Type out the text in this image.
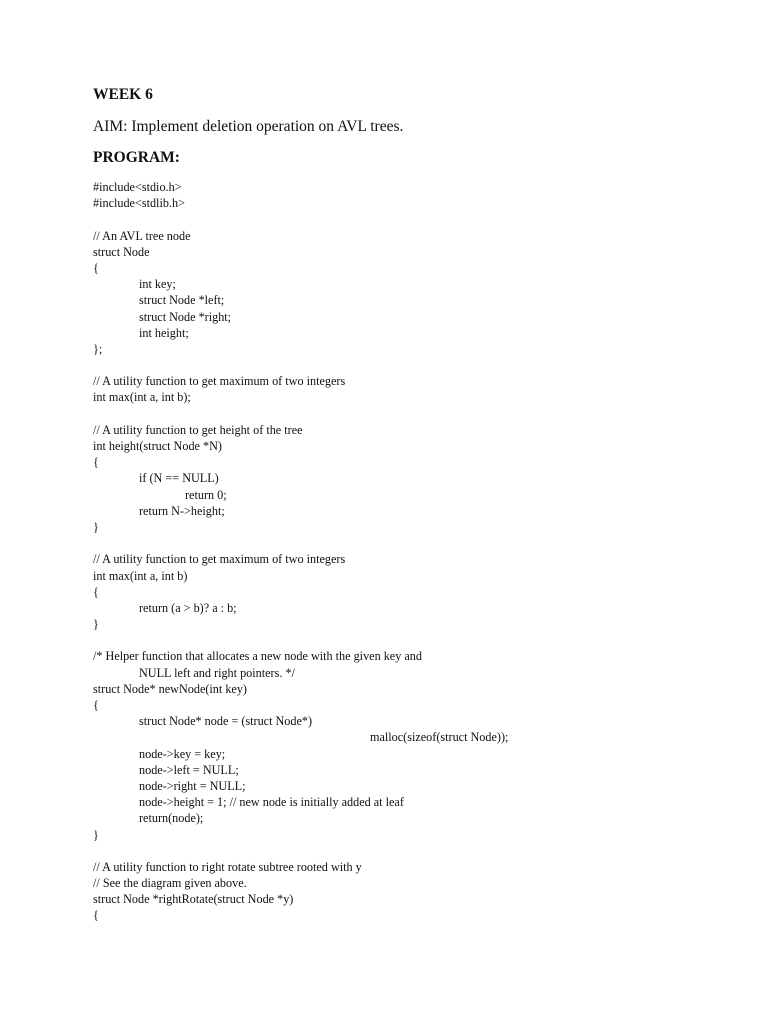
WEEK 6

AIM: Implement deletion operation on AVL trees.

PROGRAM:
#include<stdio.h>
#include<stdlib.h>
// An AVL tree node
struct Node
{
int key;
struct Node *left;
struct Node *right;
int height;
};
// A utility function to get maximum of two integers
int max(int a, int b);
// A utility function to get height of the tree
int height(struct Node *N)
{
if (N == NULL)
return 0;
return N->height;
}
// A utility function to get maximum of two integers
int max(int a, int b)
{
return (a > b)? a : b;
}
/* Helper function that allocates a new node with the given key and
NULL left and right pointers. */
struct Node* newNode(int key)
{
struct Node* node = (struct Node*)
malloc(sizeof(struct Node));
node->key = key;
node->left = NULL;
node->right = NULL;
node->height = 1; // new node is initially added at leaf
return(node);
}
// A utility function to right rotate subtree rooted with y
// See the diagram given above.
struct Node *rightRotate(struct Node *y)
{
